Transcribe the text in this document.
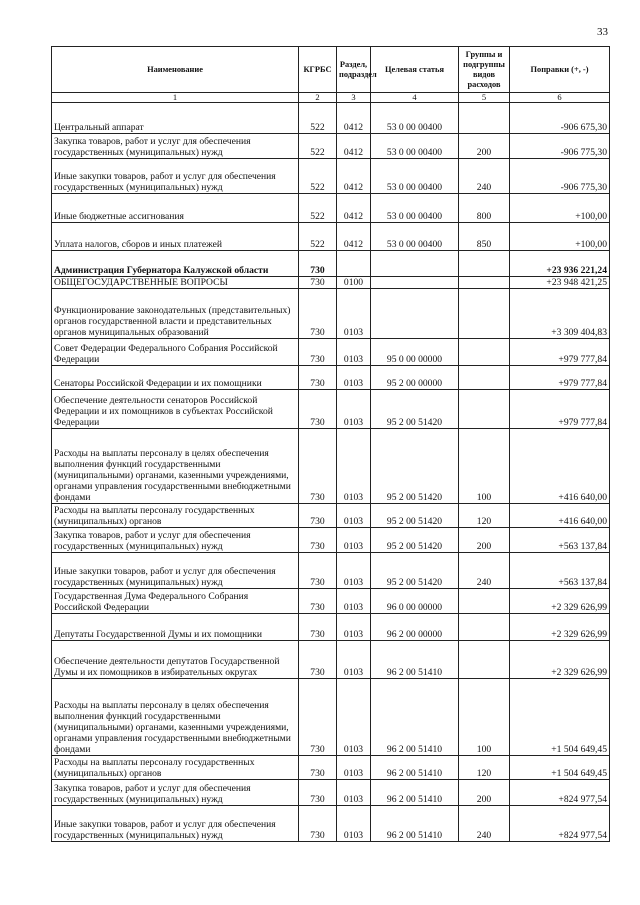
33
Наименование	КГРБС	Раздел, подраздел	Целевая статья	Группы и подгруппы видов расходов	Поправки (+, -)
1	2	3	4	5	6
Центральный аппарат	522	0412	53 0 00 00400		-906 675,30
Закупка товаров, работ и услуг для обеспечения государственных (муниципальных) нужд	522	0412	53 0 00 00400	200	-906 775,30
Иные закупки товаров, работ и услуг для обеспечения государственных (муниципальных) нужд	522	0412	53 0 00 00400	240	-906 775,30
Иные бюджетные ассигнования	522	0412	53 0 00 00400	800	+100,00
Уплата налогов, сборов и иных платежей	522	0412	53 0 00 00400	850	+100,00
Администрация Губернатора Калужской области	730				+23 936 221,24
ОБЩЕГОСУДАРСТВЕННЫЕ ВОПРОСЫ	730	0100			+23 948 421,25
Функционирование законодательных (представительных) органов государственной власти и представительных органов муниципальных образований	730	0103			+3 309 404,83
Совет Федерации Федерального Собрания Российской Федерации	730	0103	95 0 00 00000		+979 777,84
Сенаторы Российской Федерации и их помощники	730	0103	95 2 00 00000		+979 777,84
Обеспечение деятельности сенаторов Российской Федерации и их помощников в субъектах Российской Федерации	730	0103	95 2 00 51420		+979 777,84
Расходы на выплаты персоналу в целях обеспечения выполнения функций государственными (муниципальными) органами, казенными учреждениями, органами управления государственными внебюджетными фондами	730	0103	95 2 00 51420	100	+416 640,00
Расходы на выплаты персоналу государственных (муниципальных) органов	730	0103	95 2 00 51420	120	+416 640,00
Закупка товаров, работ и услуг для обеспечения государственных (муниципальных) нужд	730	0103	95 2 00 51420	200	+563 137,84
Иные закупки товаров, работ и услуг для обеспечения государственных (муниципальных) нужд	730	0103	95 2 00 51420	240	+563 137,84
Государственная Дума Федерального Собрания Российской Федерации	730	0103	96 0 00 00000		+2 329 626,99
Депутаты Государственной Думы и их помощники	730	0103	96 2 00 00000		+2 329 626,99
Обеспечение деятельности депутатов Государственной Думы и их помощников в избирательных округах	730	0103	96 2 00 51410		+2 329 626,99
Расходы на выплаты персоналу в целях обеспечения выполнения функций государственными (муниципальными) органами, казенными учреждениями, органами управления государственными внебюджетными фондами	730	0103	96 2 00 51410	100	+1 504 649,45
Расходы на выплаты персоналу государственных (муниципальных) органов	730	0103	96 2 00 51410	120	+1 504 649,45
Закупка товаров, работ и услуг для обеспечения государственных (муниципальных) нужд	730	0103	96 2 00 51410	200	+824 977,54
Иные закупки товаров, работ и услуг для обеспечения государственных (муниципальных) нужд	730	0103	96 2 00 51410	240	+824 977,54
